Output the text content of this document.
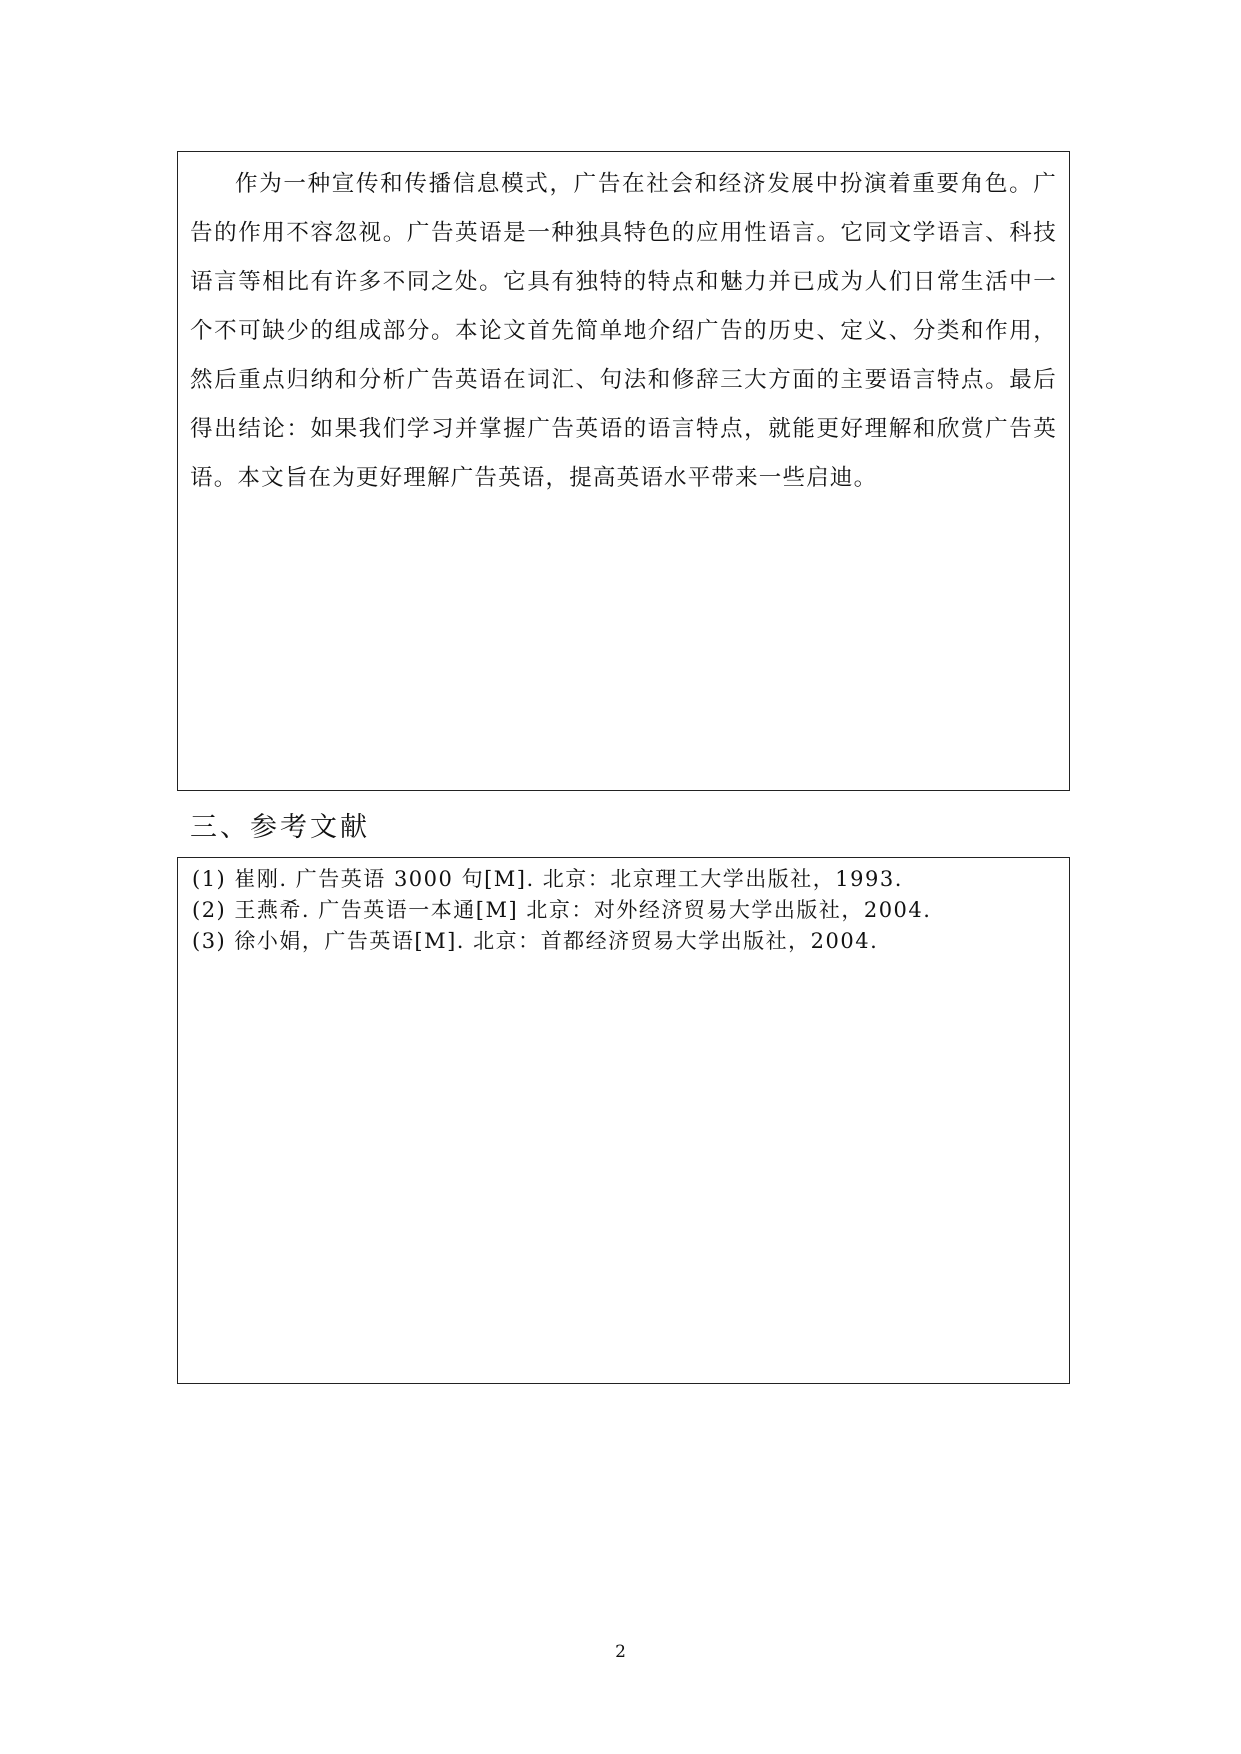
作为一种宣传和传播信息模式，广告在社会和经济发展中扮演着重要角色。广告的作用不容忽视。广告英语是一种独具特色的应用性语言。它同文学语言、科技语言等相比有许多不同之处。它具有独特的特点和魅力并已成为人们日常生活中一个不可缺少的组成部分。本论文首先简单地介绍广告的历史、定义、分类和作用，然后重点归纳和分析广告英语在词汇、句法和修辞三大方面的主要语言特点。最后得出结论：如果我们学习并掌握广告英语的语言特点，就能更好理解和欣赏广告英语。本文旨在为更好理解广告英语，提高英语水平带来一些启迪。

三、参考文献

(1) 崔刚. 广告英语 3000 句[M]. 北京：北京理工大学出版社，1993.

(2) 王燕希. 广告英语一本通[M] 北京：对外经济贸易大学出版社，2004.

(3) 徐小娟，广告英语[M]. 北京：首都经济贸易大学出版社，2004.

2
